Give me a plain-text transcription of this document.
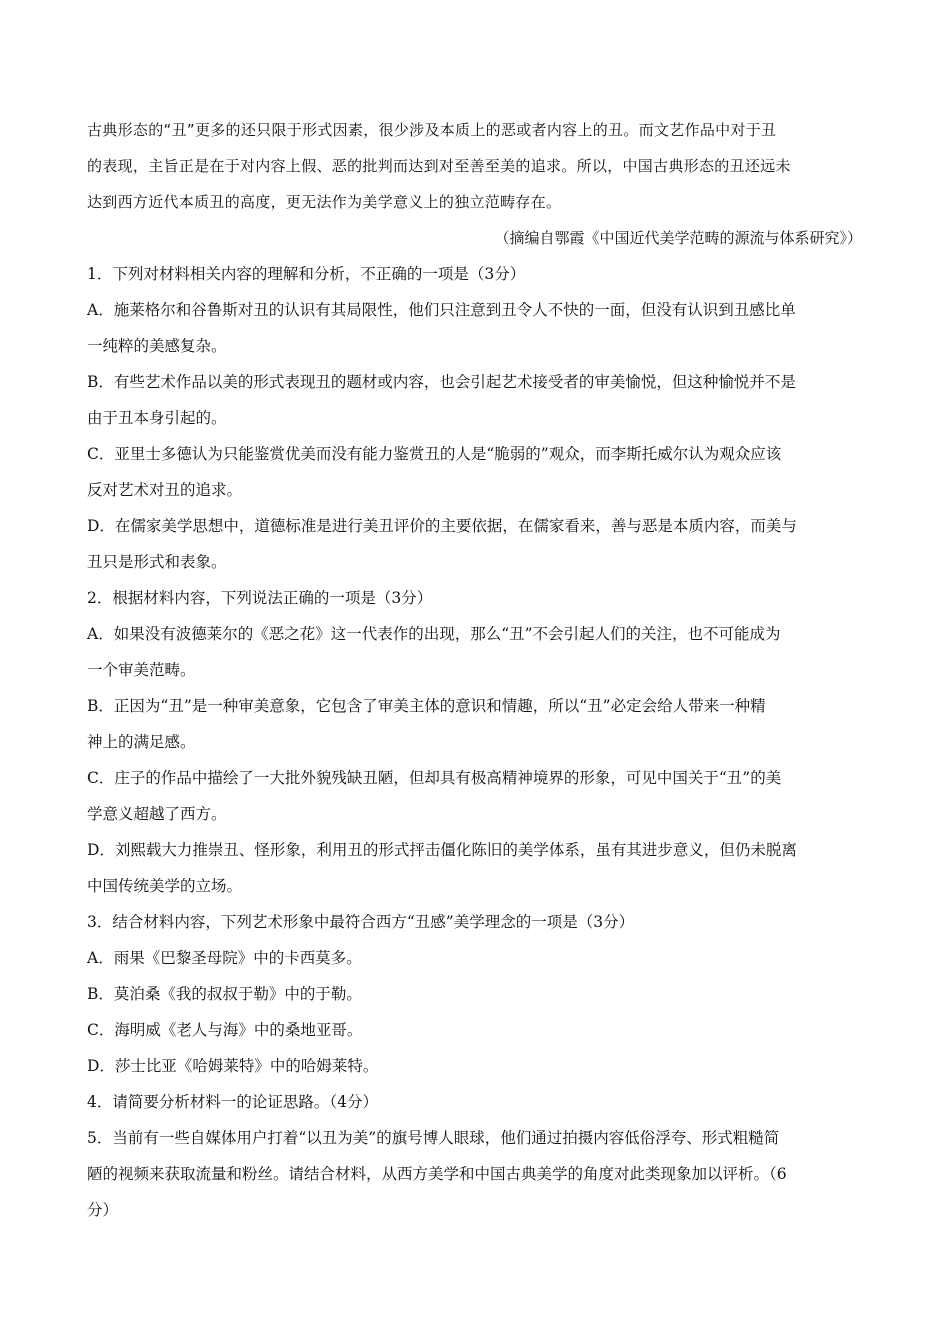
古典形态的“丑”更多的还只限于形式因素，很少涉及本质上的恶或者内容上的丑。而文艺作品中对于丑
的表现，主旨正是在于对内容上假、恶的批判而达到对至善至美的追求。所以，中国古典形态的丑还远未
达到西方近代本质丑的高度，更无法作为美学意义上的独立范畴存在。
（摘编自鄂霞《中国近代美学范畴的源流与体系研究》）
1．下列对材料相关内容的理解和分析，不正确的一项是（3分）
A．施莱格尔和谷鲁斯对丑的认识有其局限性，他们只注意到丑令人不快的一面，但没有认识到丑感比单
一纯粹的美感复杂。
B．有些艺术作品以美的形式表现丑的题材或内容，也会引起艺术接受者的审美愉悦，但这种愉悦并不是
由于丑本身引起的。
C．亚里士多德认为只能鉴赏优美而没有能力鉴赏丑的人是“脆弱的”观众，而李斯托威尔认为观众应该
反对艺术对丑的追求。
D．在儒家美学思想中，道德标准是进行美丑评价的主要依据，在儒家看来，善与恶是本质内容，而美与
丑只是形式和表象。
2．根据材料内容，下列说法正确的一项是（3分）
A．如果没有波德莱尔的《恶之花》这一代表作的出现，那么“丑”不会引起人们的关注，也不可能成为
一个审美范畴。
B．正因为“丑”是一种审美意象，它包含了审美主体的意识和情趣，所以“丑”必定会给人带来一种精
神上的满足感。
C．庄子的作品中描绘了一大批外貌残缺丑陋，但却具有极高精神境界的形象，可见中国关于“丑”的美
学意义超越了西方。
D．刘熙载大力推崇丑、怪形象，利用丑的形式抨击僵化陈旧的美学体系，虽有其进步意义，但仍未脱离
中国传统美学的立场。
3．结合材料内容，下列艺术形象中最符合西方“丑感”美学理念的一项是（3分）
A．雨果《巴黎圣母院》中的卡西莫多。
B．莫泊桑《我的叔叔于勒》中的于勒。
C．海明威《老人与海》中的桑地亚哥。
D．莎士比亚《哈姆莱特》中的哈姆莱特。
4．请简要分析材料一的论证思路。（4分）
5．当前有一些自媒体用户打着“以丑为美”的旗号博人眼球，他们通过拍摄内容低俗浮夸、形式粗糙简
陋的视频来获取流量和粉丝。请结合材料，从西方美学和中国古典美学的角度对此类现象加以评析。（6
分）
